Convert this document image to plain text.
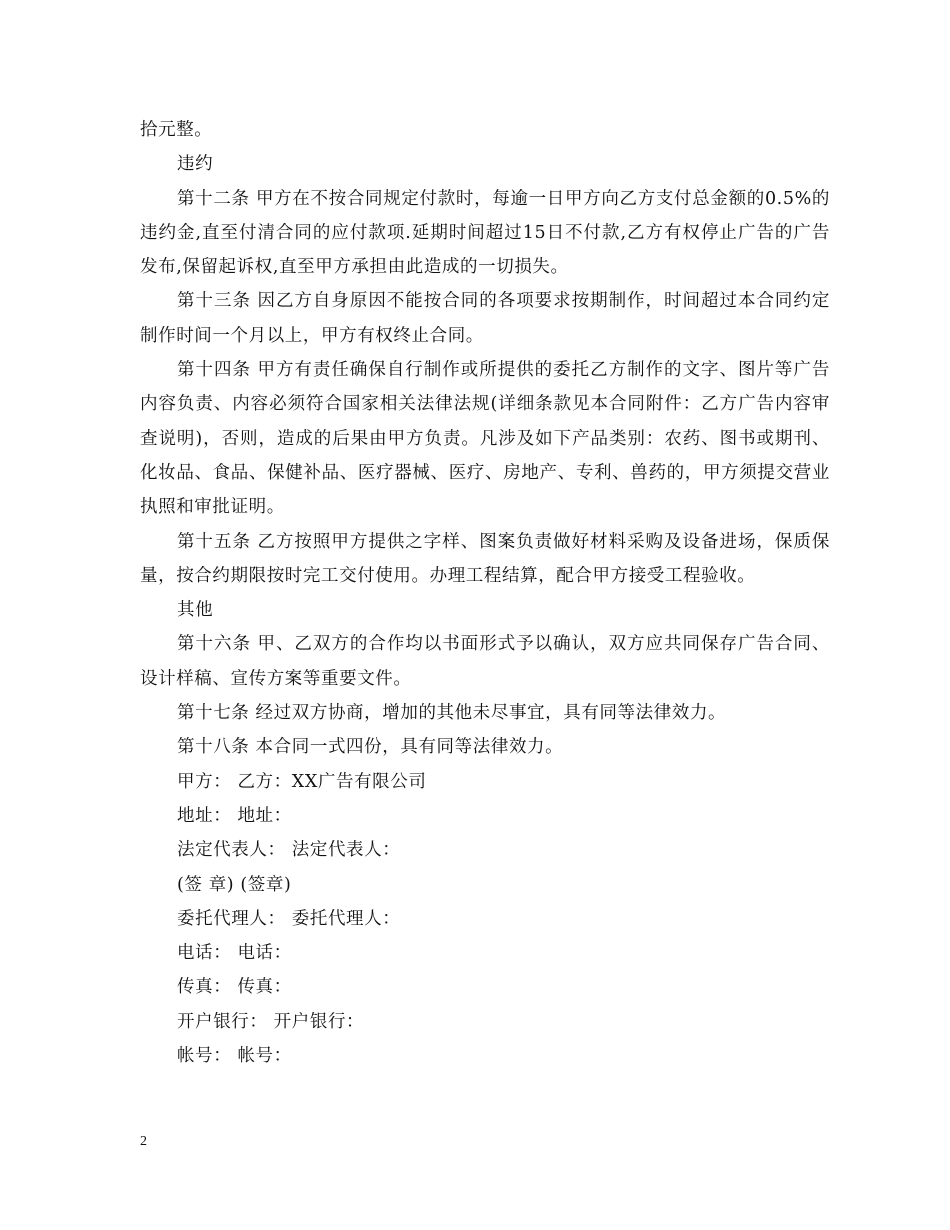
拾元整。

违约

第十二条 甲方在不按合同规定付款时，每逾一日甲方向乙方支付总金额的0.5%的违约金,直至付清合同的应付款项.延期时间超过15日不付款,乙方有权停止广告的广告发布,保留起诉权,直至甲方承担由此造成的一切损失。

第十三条 因乙方自身原因不能按合同的各项要求按期制作，时间超过本合同约定制作时间一个月以上，甲方有权终止合同。

第十四条 甲方有责任确保自行制作或所提供的委托乙方制作的文字、图片等广告内容负责、内容必须符合国家相关法律法规(详细条款见本合同附件：乙方广告内容审查说明)，否则，造成的后果由甲方负责。凡涉及如下产品类别：农药、图书或期刊、化妆品、食品、保健补品、医疗器械、医疗、房地产、专利、兽药的，甲方须提交营业执照和审批证明。

第十五条 乙方按照甲方提供之字样、图案负责做好材料采购及设备进场，保质保量，按合约期限按时完工交付使用。办理工程结算，配合甲方接受工程验收。

其他

第十六条 甲、乙双方的合作均以书面形式予以确认，双方应共同保存广告合同、设计样稿、宣传方案等重要文件。

第十七条 经过双方协商，增加的其他未尽事宜，具有同等法律效力。

第十八条 本合同一式四份，具有同等法律效力。

甲方： 乙方：XX广告有限公司

地址： 地址：

法定代表人： 法定代表人：

(签 章) (签章)

委托代理人： 委托代理人：

电话： 电话：

传真： 传真：

开户银行： 开户银行：

帐号： 帐号：

2
